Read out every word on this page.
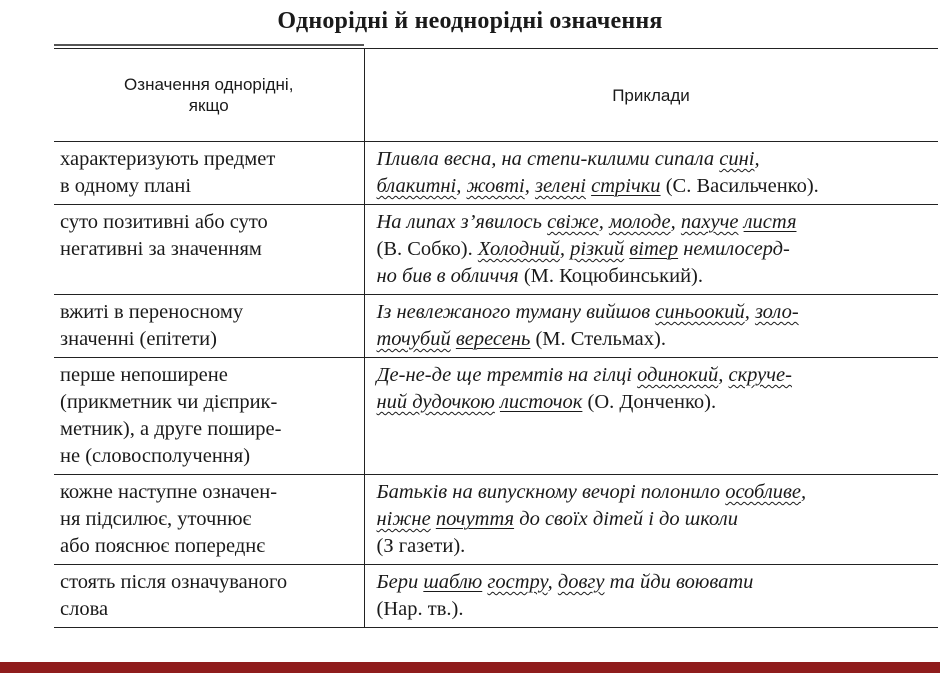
Однорідні й неоднорідні означення
Означення однорідні,
якщо	Приклади

характеризують предмет
в одному плані	Пливла весна, на степи-килими сипала сині,
блакитні, жовті, зелені стрічки (С. Васильченко).

суто позитивні або суто
негативні за значенням	На липах з’явилось свіже, молоде, пахуче листя
(В. Собко). Холодний, різкий вітер немилосерд-
но бив в обличчя (М. Коцюбинський).

вжиті в переносному
значенні (епітети)	Із невлежаного туману вийшов синьоокий, золо-
точубий вересень (М. Стельмах).

перше непоширене
(прикметник чи дієприк-
метник), а друге поширe-
не (словосполучення)	Де-не-де ще тремтів на гілці одинокий, скруче-
ний дудочкою листочок (О. Донченко).

кожне наступне означен-
ня підсилює, уточнює
або пояснює попереднє	Батьків на випускному вечорі полонило особливе,
ніжне почуття до своїх дітей і до школи
(З газети).

стоять після означуваного
слова	Бери шаблю гостру, довгу та йди воювати
(Нар. тв.).
